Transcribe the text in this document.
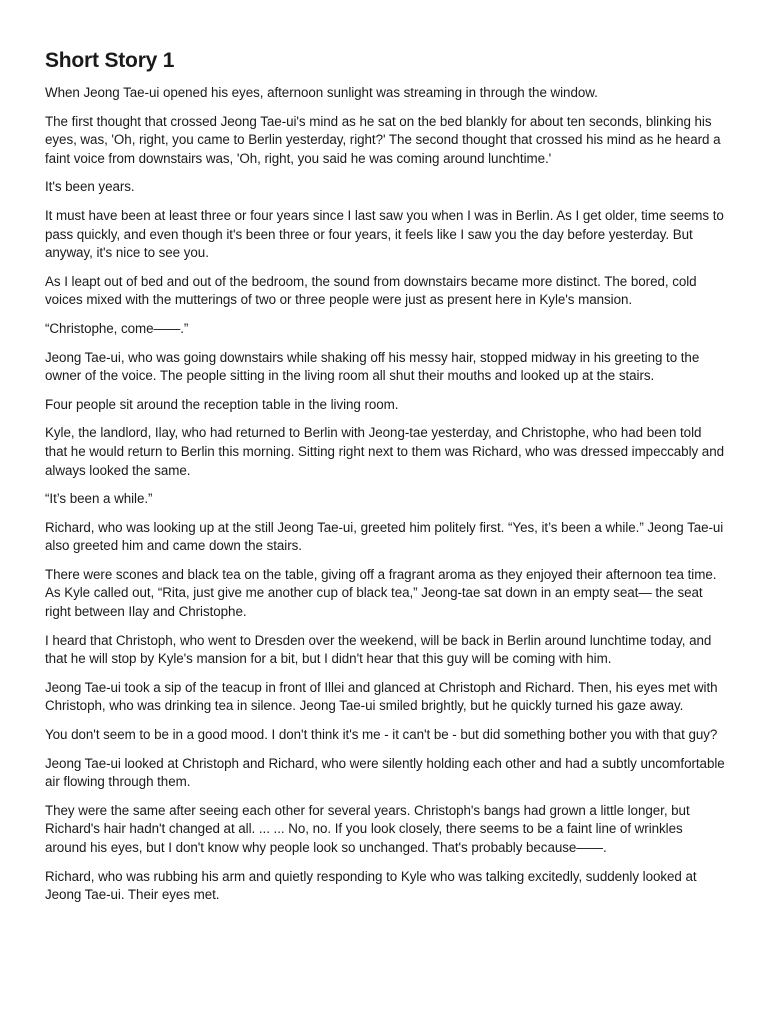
Short Story 1

When Jeong Tae-ui opened his eyes, afternoon sunlight was streaming in through the window.

The first thought that crossed Jeong Tae-ui's mind as he sat on the bed blankly for about ten seconds, blinking his eyes, was, 'Oh, right, you came to Berlin yesterday, right?' The second thought that crossed his mind as he heard a faint voice from downstairs was, 'Oh, right, you said he was coming around lunchtime.'

It's been years.

It must have been at least three or four years since I last saw you when I was in Berlin. As I get older, time seems to pass quickly, and even though it's been three or four years, it feels like I saw you the day before yesterday. But anyway, it's nice to see you.

As I leapt out of bed and out of the bedroom, the sound from downstairs became more distinct. The bored, cold voices mixed with the mutterings of two or three people were just as present here in Kyle's mansion.

“Christophe, come——.”

Jeong Tae-ui, who was going downstairs while shaking off his messy hair, stopped midway in his greeting to the owner of the voice. The people sitting in the living room all shut their mouths and looked up at the stairs.

Four people sit around the reception table in the living room.

Kyle, the landlord, Ilay, who had returned to Berlin with Jeong-tae yesterday, and Christophe, who had been told that he would return to Berlin this morning. Sitting right next to them was Richard, who was dressed impeccably and always looked the same.

“It’s been a while.”

Richard, who was looking up at the still Jeong Tae-ui, greeted him politely first. “Yes, it’s been a while.” Jeong Tae-ui also greeted him and came down the stairs.

There were scones and black tea on the table, giving off a fragrant aroma as they enjoyed their afternoon tea time. As Kyle called out, “Rita, just give me another cup of black tea,” Jeong-tae sat down in an empty seat— the seat right between Ilay and Christophe.

I heard that Christoph, who went to Dresden over the weekend, will be back in Berlin around lunchtime today, and that he will stop by Kyle's mansion for a bit, but I didn't hear that this guy will be coming with him.

Jeong Tae-ui took a sip of the teacup in front of Illei and glanced at Christoph and Richard. Then, his eyes met with Christoph, who was drinking tea in silence. Jeong Tae-ui smiled brightly, but he quickly turned his gaze away.

You don't seem to be in a good mood. I don't think it's me - it can't be - but did something bother you with that guy?

Jeong Tae-ui looked at Christoph and Richard, who were silently holding each other and had a subtly uncomfortable air flowing through them.

They were the same after seeing each other for several years. Christoph's bangs had grown a little longer, but Richard's hair hadn't changed at all. ... ... No, no. If you look closely, there seems to be a faint line of wrinkles around his eyes, but I don't know why people look so unchanged. That's probably because——.

Richard, who was rubbing his arm and quietly responding to Kyle who was talking excitedly, suddenly looked at Jeong Tae-ui. Their eyes met.
